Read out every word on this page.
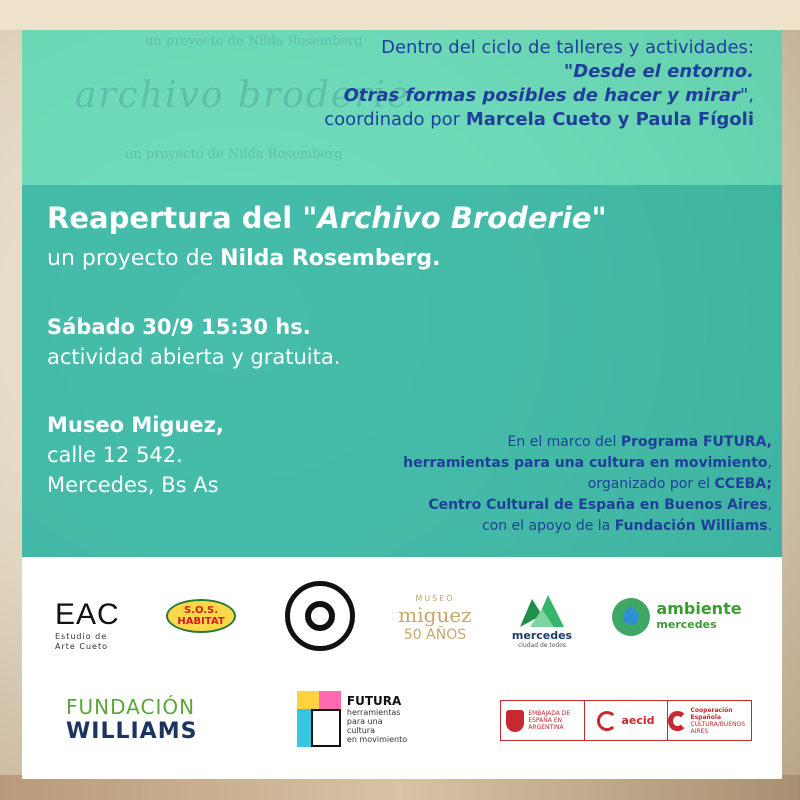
un proyecto de Nilda Rosemberg
archivo broderie
un proyecto de Nilda Rosemberg
Dentro del ciclo de talleres y actividades:
"Desde el entorno.
Otras formas posibles de hacer y mirar",
coordinado por Marcela Cueto y Paula Fígoli
Reapertura del "Archivo Broderie"
un proyecto de Nilda Rosemberg.
Sábado 30/9 15:30 hs.
actividad abierta y gratuita.
Museo Miguez,
calle 12 542.
Mercedes, Bs As
En el marco del Programa FUTURA,
herramientas para una cultura en movimiento,
organizado por el CCEBA;
Centro Cultural de España en Buenos Aires,
con el apoyo de la Fundación Williams.
EAC
Estudio de
Arte Cueto
S.O.S.
HABITAT
MUSEO
miguez
50 AÑOS	mercedes
ciudad de todos
ambiente
mercedes
FUNDACIÓN
WILLIAMS
FUTURA
herramientas
para una
cultura
en movimiento
EMBAJADA DE ESPAÑA EN ARGENTINA
aecid
Cooperación
Española
CULTURA/BUENOS AIRES
